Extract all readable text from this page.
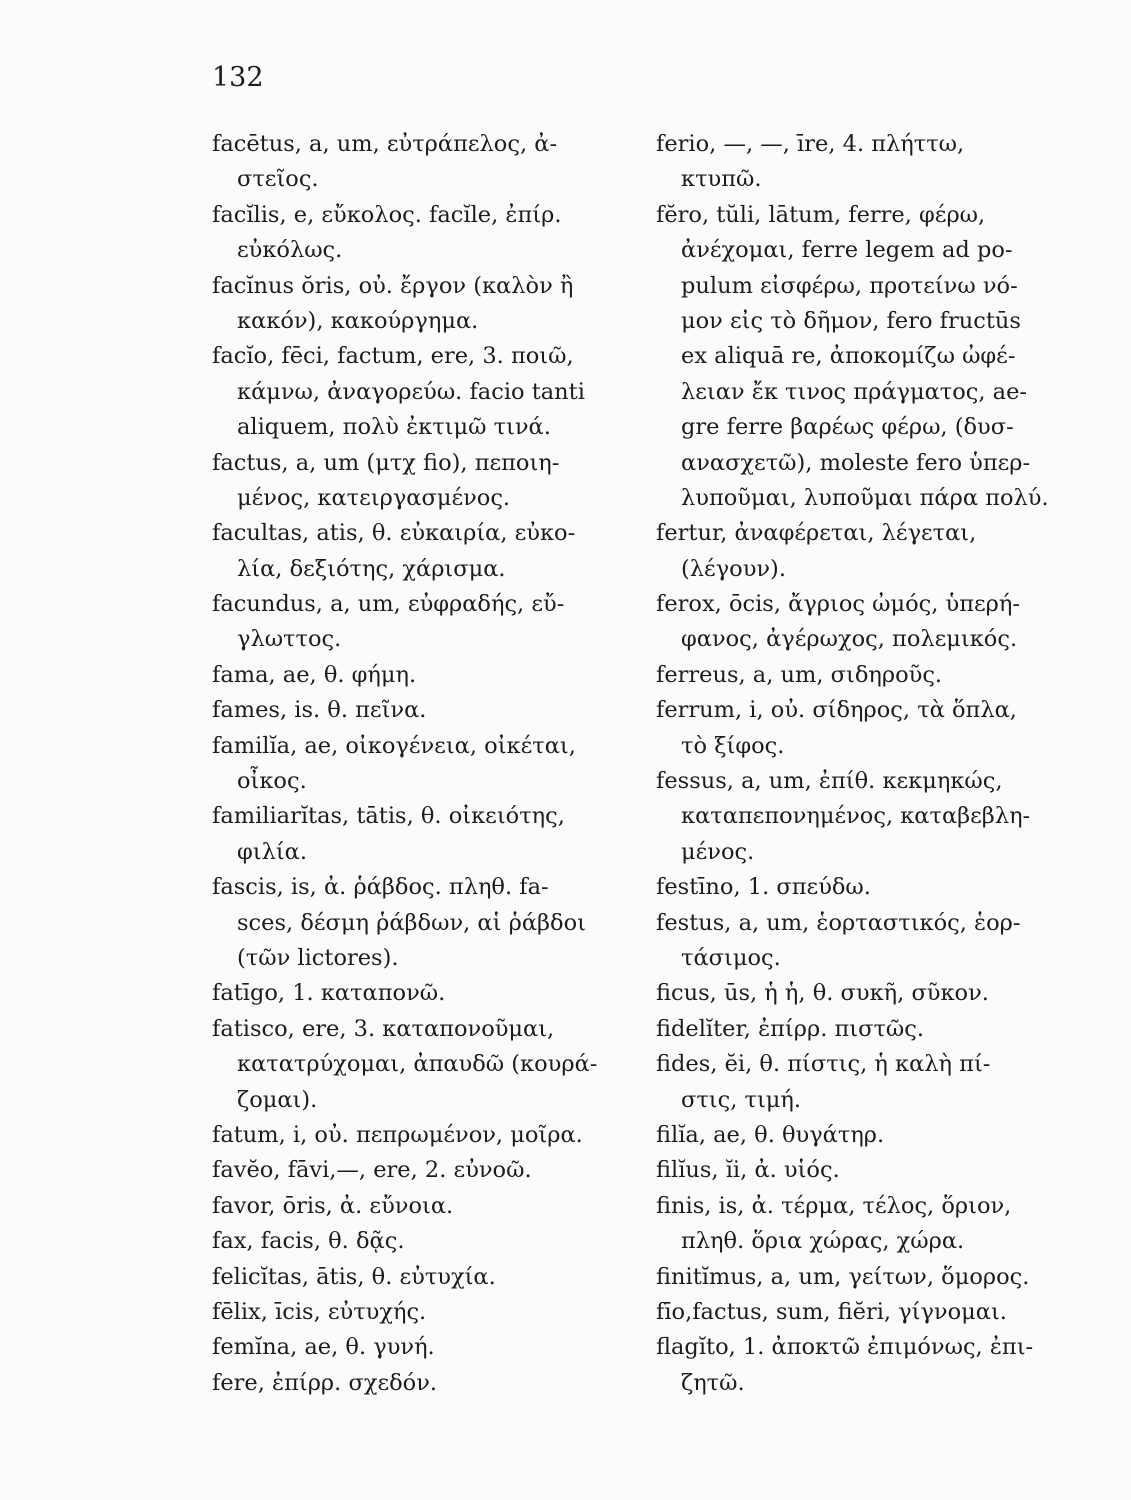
132
facētus, a, um, εὐτράπελος, ἀ-
στεῖος.
facĭlis, e, εὔκολος. facĭle, ἐπίρ.
εὐκόλως.
facĭnus ŏris, οὐ. ἔργον (καλὸν ἢ
κακόν), κακούργημα.
facĭo, fēci, factum, ere, 3. ποιῶ,
κάμνω, ἀναγορεύω. facio tanti
aliquem, πολὺ ἐκτιμῶ τινά.
factus, a, um (μτχ fio), πεποιη-
μένος, κατειργασμένος.
facultas, atis, θ. εὐκαιρία, εὐκο-
λία, δεξιότης, χάρισμα.
facundus, a, um, εὐφραδής, εὔ-
γλωττος.
fama, ae, θ. φήμη.
fames, is. θ. πεῖνα.
familĭa, ae, οἰκογένεια, οἰκέται,
οἶκος.
familiarĭtas, tātis, θ. οἰκειότης,
φιλία.
fascis, is, ἀ. ῥάβδος. πληθ. fa-
sces, δέσμη ῥάβδων, αἱ ῥάβδοι
(τῶν lictores).
fatīgo, 1. καταπονῶ.
fatisco, ere, 3. καταπονοῦμαι,
κατατρύχομαι, ἀπαυδῶ (κουρά-
ζομαι).
fatum, i, οὐ. πεπρωμένον, μοῖρα.
favĕo, fāvi,—, ere, 2. εὐνοῶ.
favor, ōris, ἀ. εὔνοια.
fax, facis, θ. δᾷς.
felicĭtas, ātis, θ. εὐτυχία.
fēlix, īcis, εὐτυχής.
femĭna, ae, θ. γυνή.
fere, ἐπίρρ. σχεδόν.
ferio, —, —, īre, 4. πλήττω,
κτυπῶ.
fĕro, tŭli, lātum, ferre, φέρω,
ἀνέχομαι, ferre legem ad po-
pulum εἰσφέρω, προτείνω νό-
μον εἰς τὸ δῆμον, fero fructūs
ex aliquā re, ἀποκομίζω ὠφέ-
λειαν ἔκ τινος πράγματος, ae-
gre ferre βαρέως φέρω, (δυσ-
ανασχετῶ), moleste fero ὑπερ-
λυποῦμαι, λυποῦμαι πάρα πολύ.
fertur, ἀναφέρεται, λέγεται,
(λέγουν).
ferox, ōcis, ἄγριος ὠμός, ὑπερή-
φανος, ἀγέρωχος, πολεμικός.
ferreus, a, um, σιδηροῦς.
ferrum, i, οὐ. σίδηρος, τὰ ὅπλα,
τὸ ξίφος.
fessus, a, um, ἐπίθ. κεκμηκώς,
καταπεπονημένος, καταβεβλη-
μένος.
festīno, 1. σπεύδω.
festus, a, um, ἑορταστικός, ἑορ-
τάσιμος.
ficus, ūs, ἡ ἡ, θ. συκῆ, σῦκον.
fidelĭter, ἐπίρρ. πιστῶς.
fides, ĕi, θ. πίστις, ἡ καλὴ πί-
στις, τιμή.
filĭa, ae, θ. θυγάτηρ.
filĭus, ĭi, ἀ. υἱός.
finis, is, ἀ. τέρμα, τέλος, ὅριον,
πληθ. ὅρια χώρας, χώρα.
finitĭmus, a, um, γείτων, ὅμορος.
fīo,factus, sum, fiĕri, γίγνομαι.
flagĭto, 1. ἀποκτῶ ἐπιμόνως, ἐπι-
ζητῶ.
